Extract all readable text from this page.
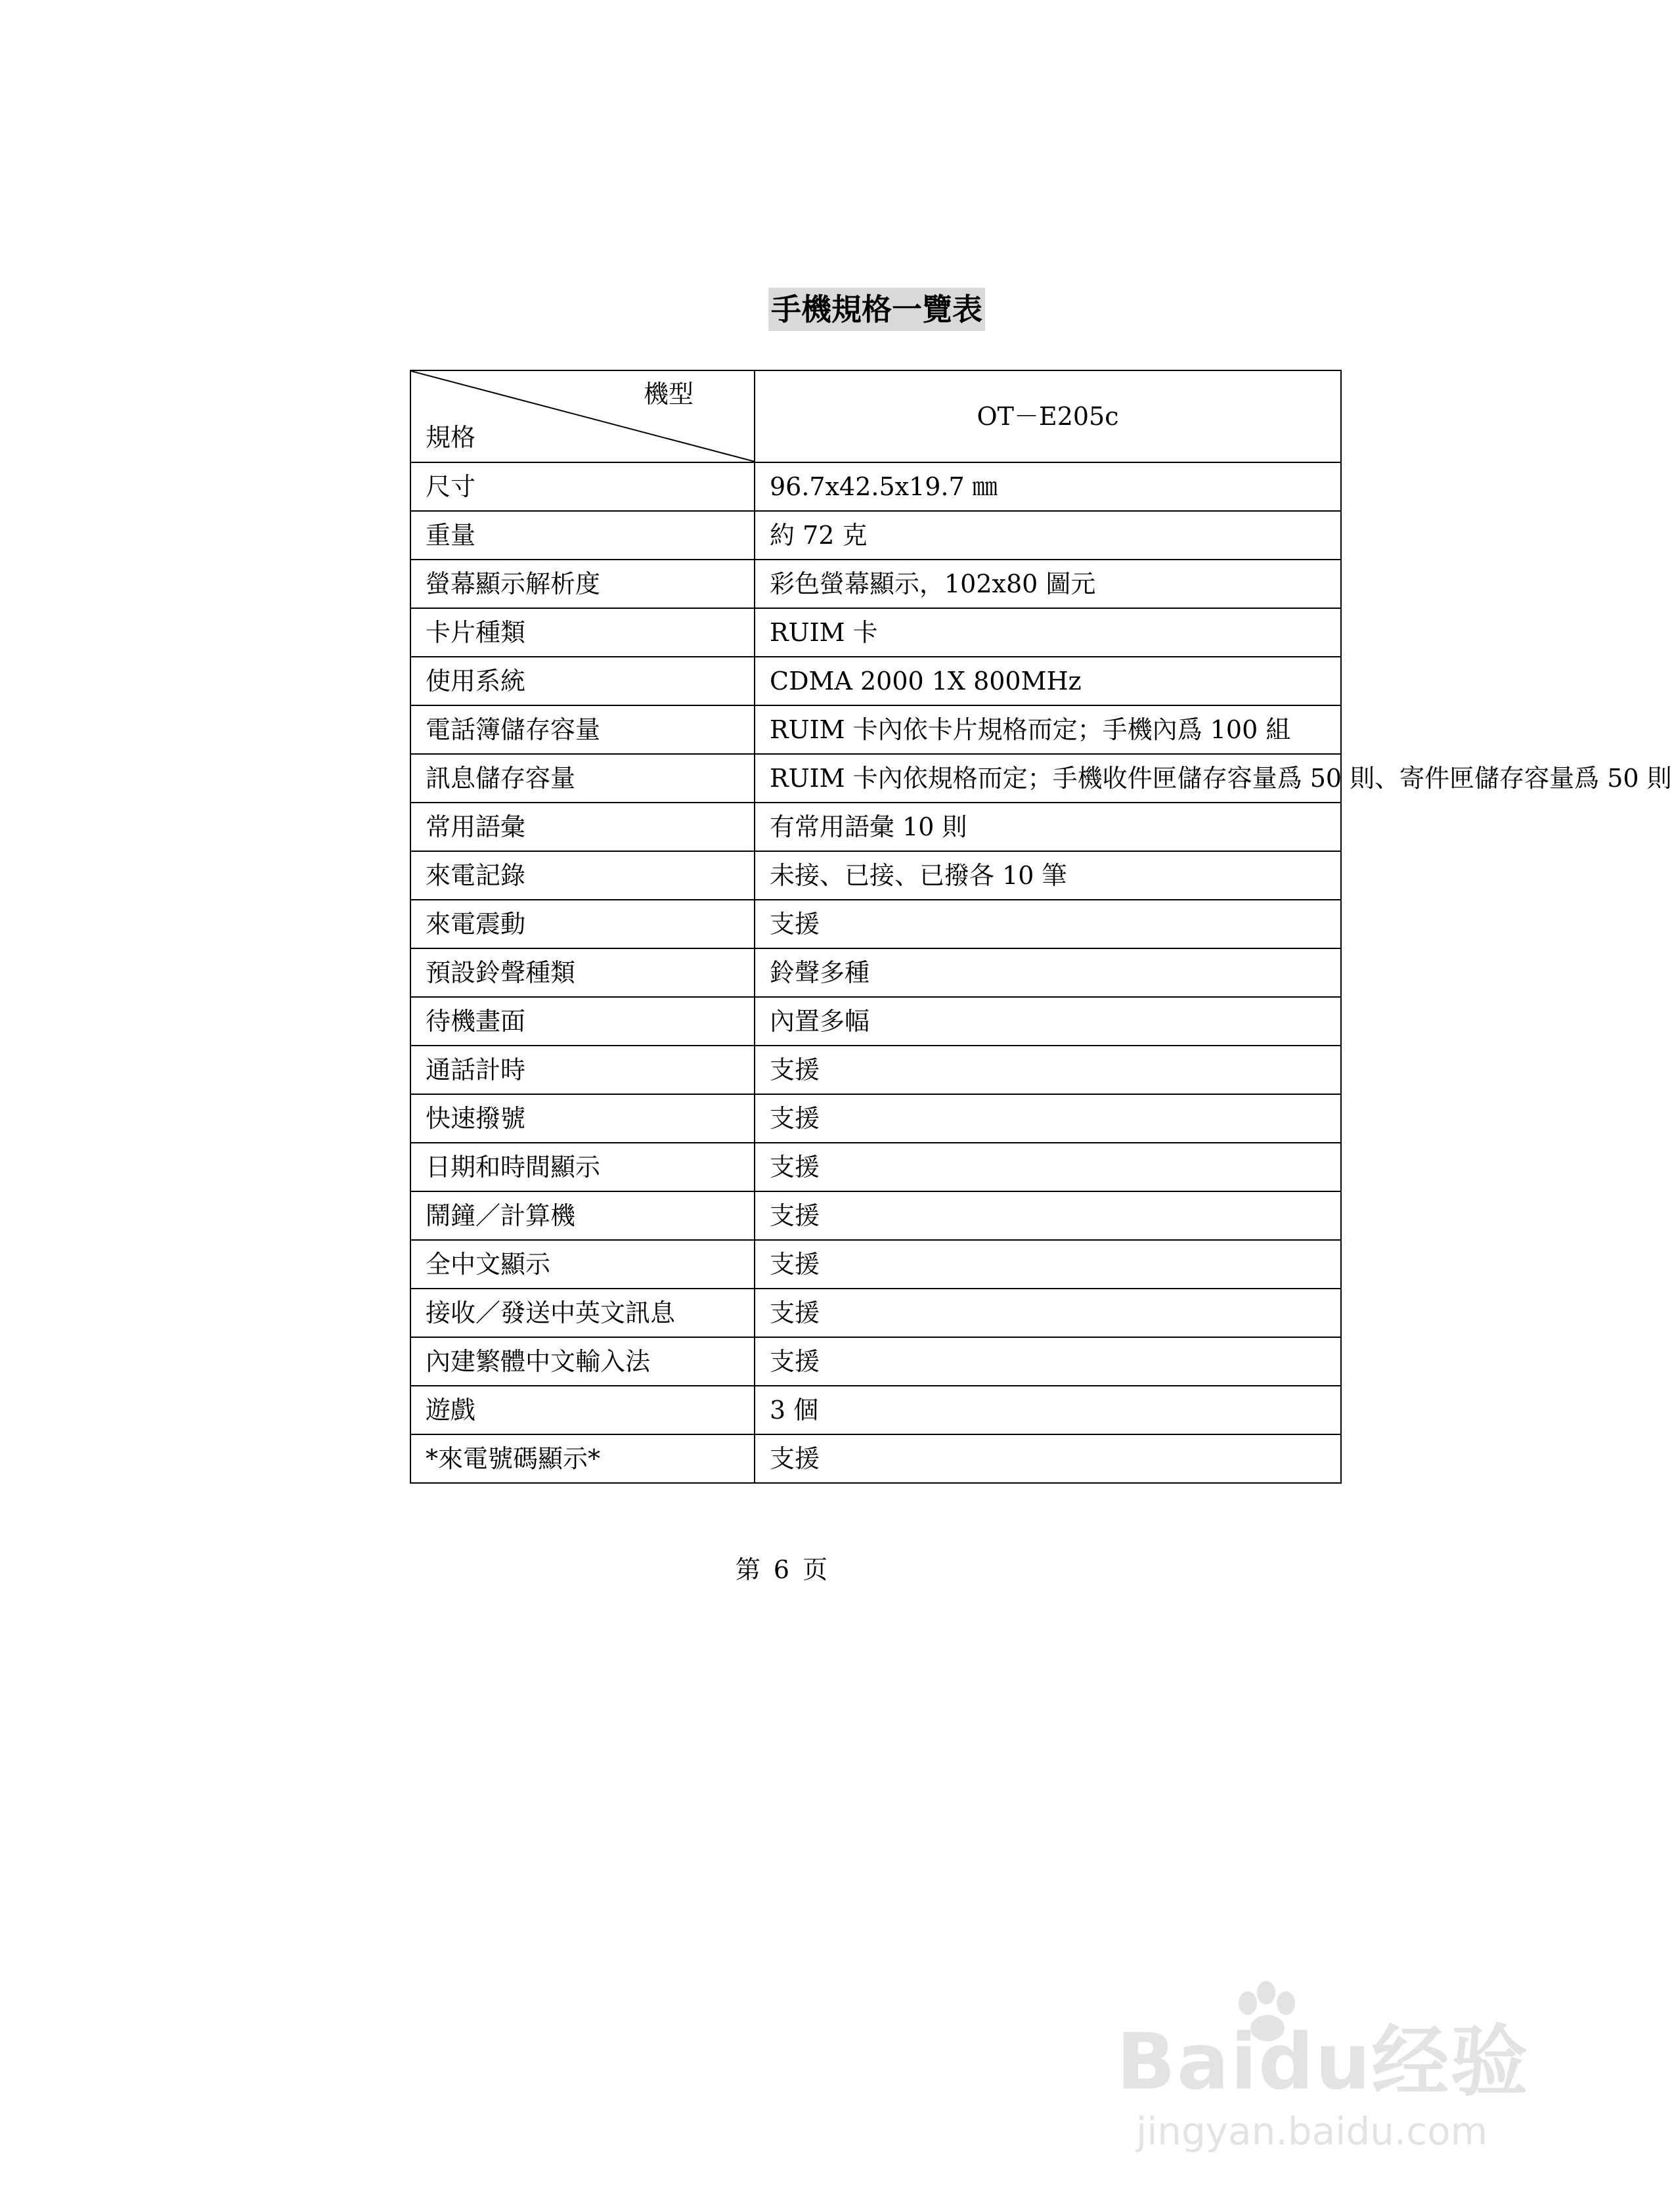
手機規格一覽表
機型
規格	OT－E205c
尺寸	96.7x42.5x19.7 ㎜
重量	約 72 克
螢幕顯示解析度	彩色螢幕顯示，102x80 圖元
卡片種類	RUIM 卡
使用系統	CDMA 2000 1X 800MHz
電話簿儲存容量	RUIM 卡內依卡片規格而定；手機內爲 100 組
訊息儲存容量	RUIM 卡內依規格而定；手機收件匣儲存容量爲 50 則、寄件匣儲存容量爲 50 則
常用語彙	有常用語彙 10 則
來電記錄	未接、已接、已撥各 10 筆
來電震動	支援
預設鈴聲種類	鈴聲多種
待機畫面	內置多幅
通話計時	支援
快速撥號	支援
日期和時間顯示	支援
鬧鐘／計算機	支援
全中文顯示	支援
接收／發送中英文訊息	支援
內建繁體中文輸入法	支援
遊戲	3 個
*來電號碼顯示*	支援
第 6 页
Baidu经验
jingyan.baidu.com
